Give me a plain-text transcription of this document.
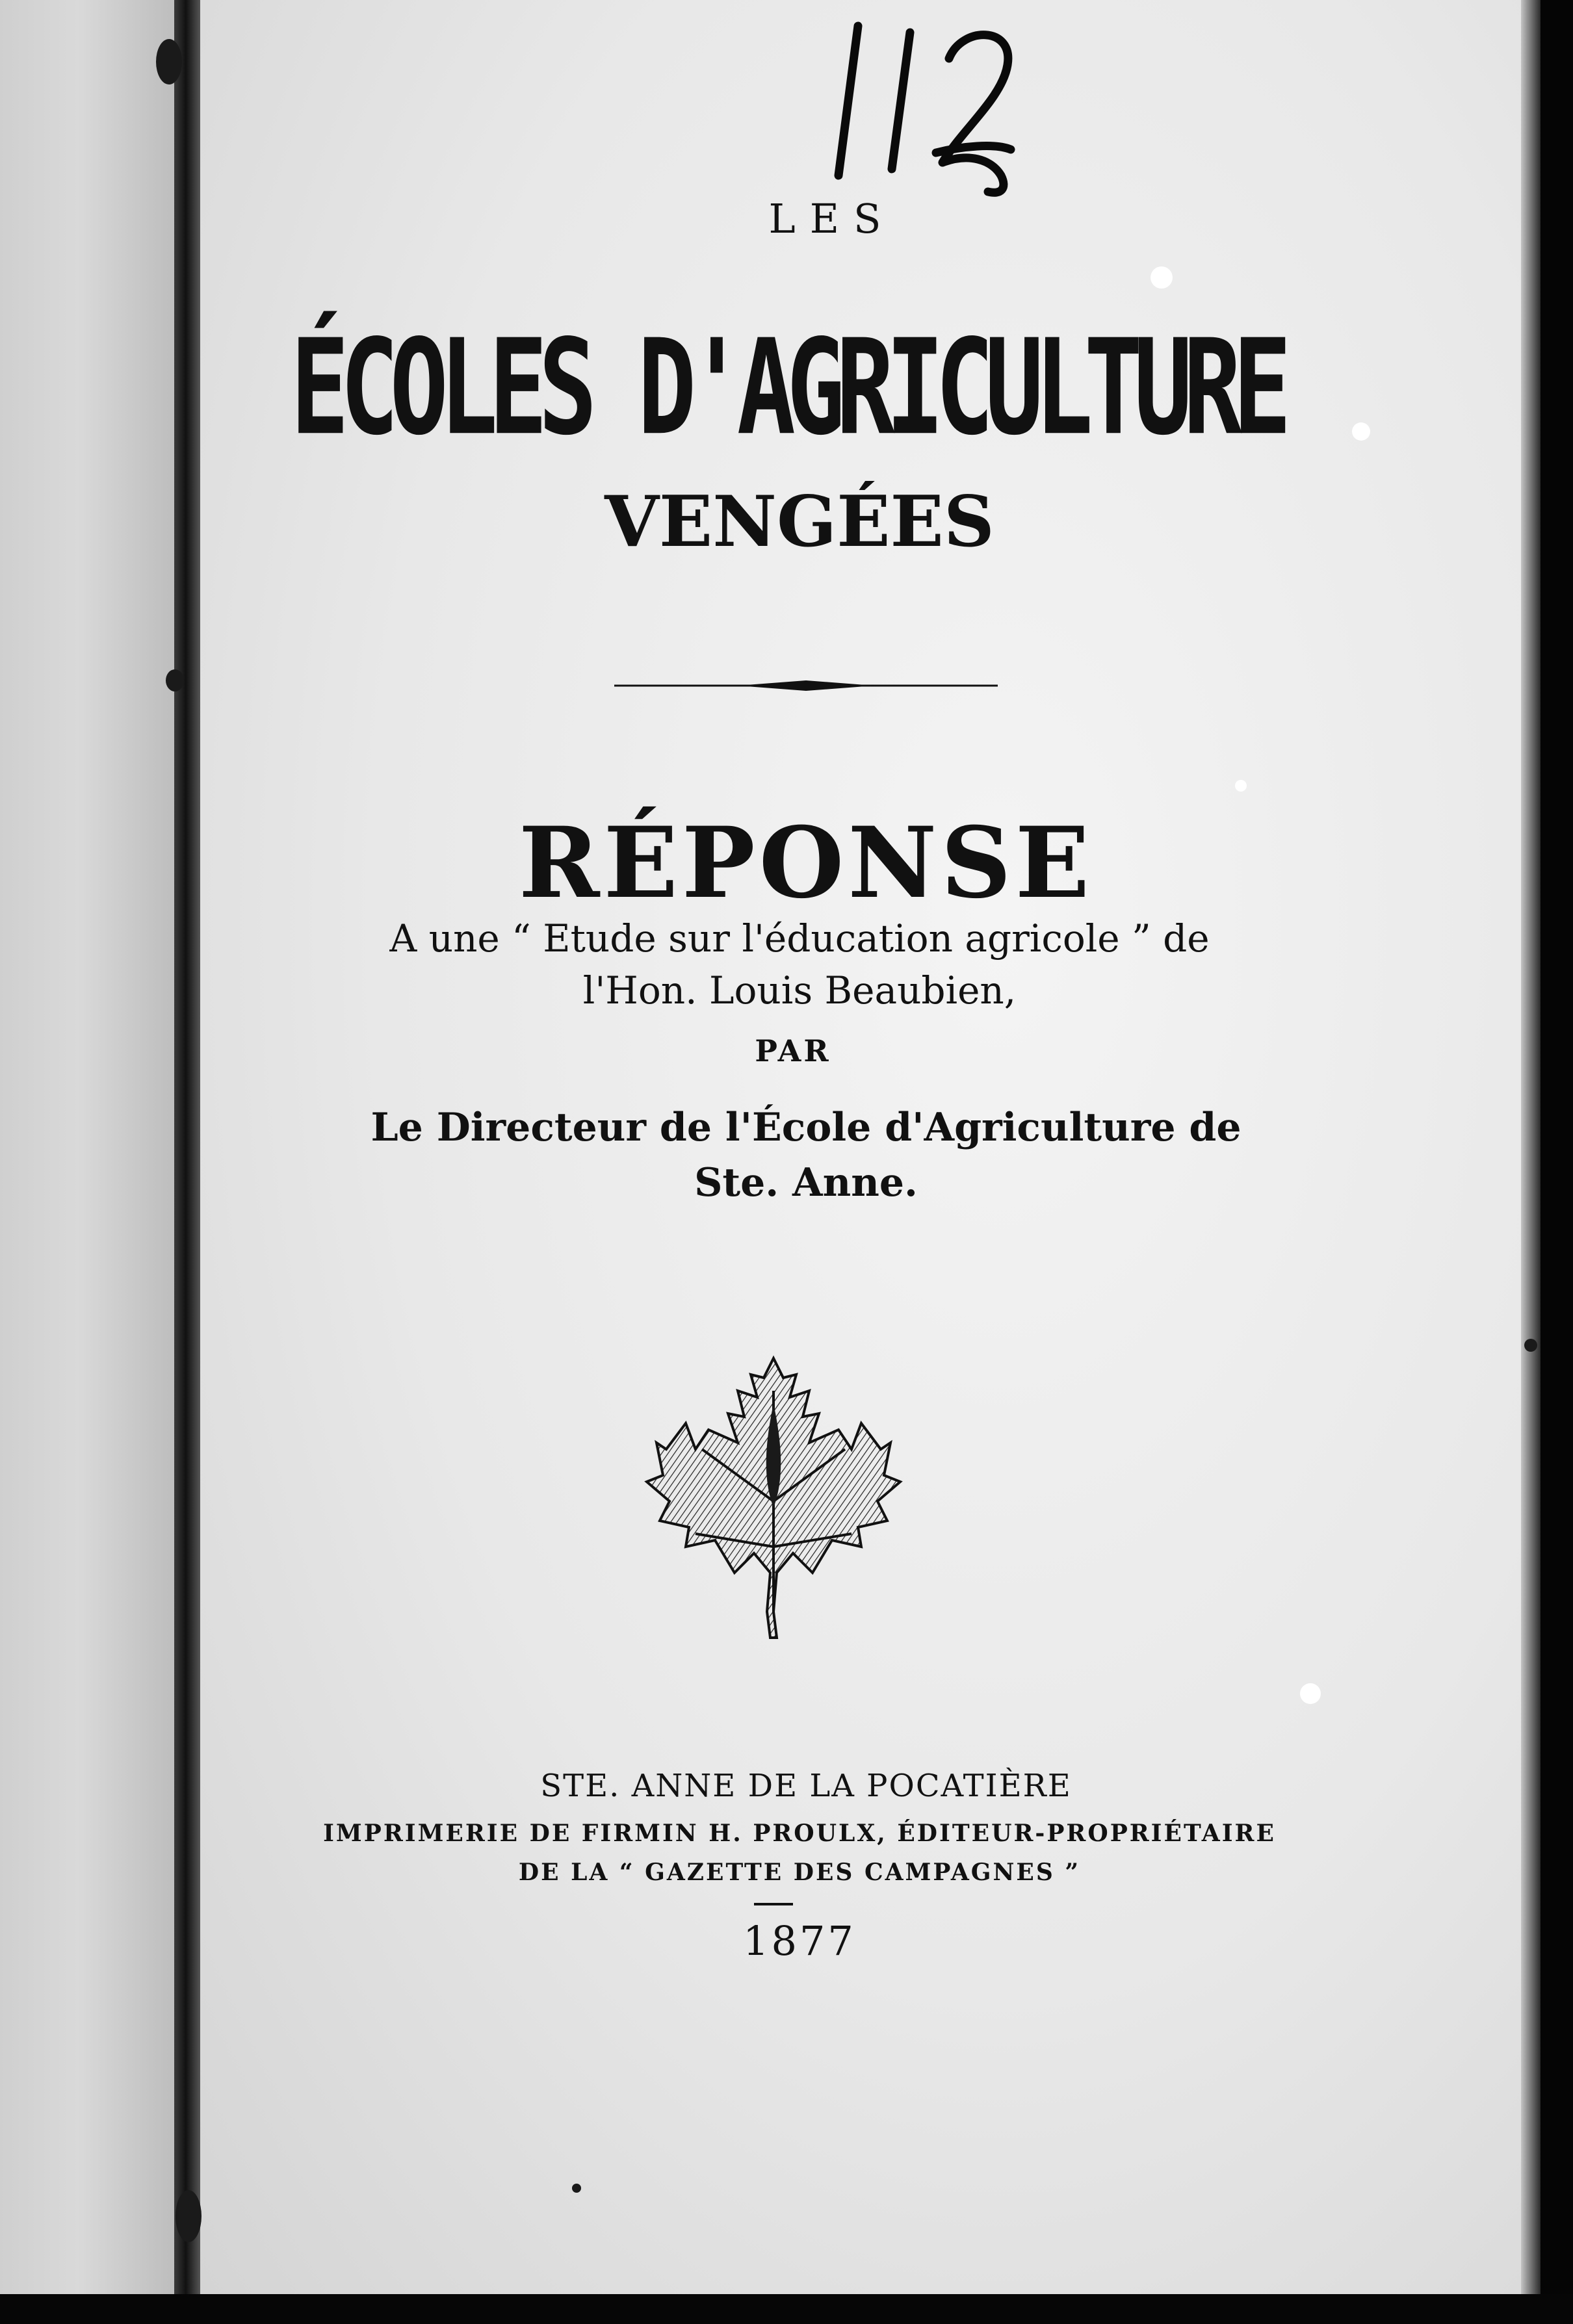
LES
ÉCOLES D'AGRICULTURE
VENGÉES
RÉPONSE
A une “ Etude sur l'éducation agricole ” de
l'Hon. Louis Beaubien,
PAR
Le Directeur de l'École d'Agriculture de
Ste. Anne.
STE. ANNE DE LA POCATIÈRE
IMPRIMERIE DE FIRMIN H. PROULX, ÉDITEUR-PROPRIÉTAIRE
DE LA “ GAZETTE DES CAMPAGNES ”
1877
